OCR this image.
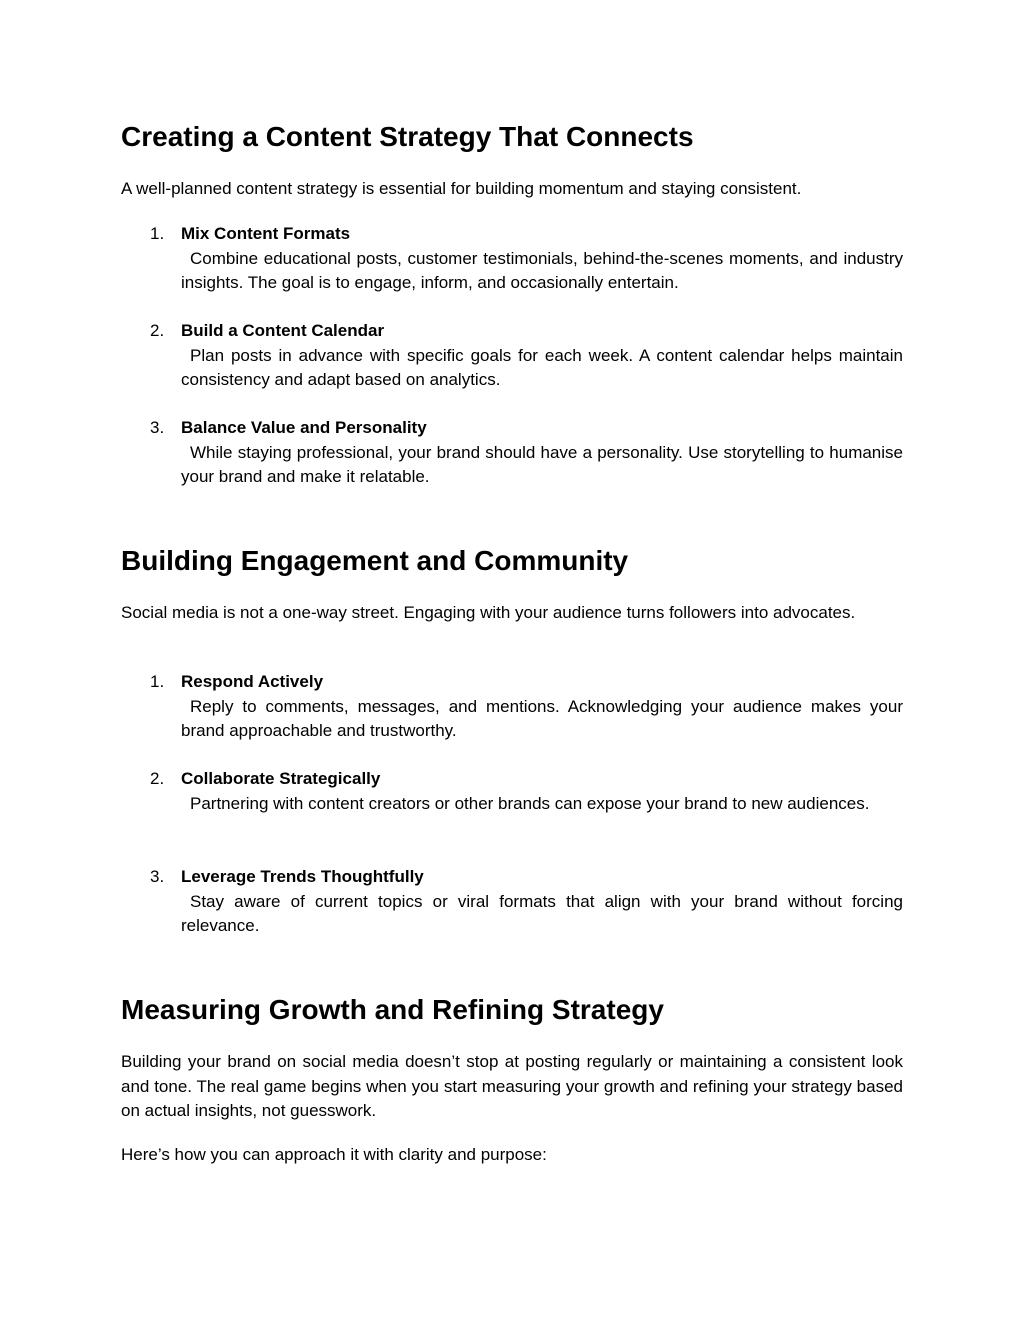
Creating a Content Strategy That Connects

A well-planned content strategy is essential for building momentum and staying consistent.

1. Mix Content Formats
Combine educational posts, customer testimonials, behind-the-scenes moments, and industry insights. The goal is to engage, inform, and occasionally entertain.
2. Build a Content Calendar
Plan posts in advance with specific goals for each week. A content calendar helps maintain consistency and adapt based on analytics.
3. Balance Value and Personality
While staying professional, your brand should have a personality. Use storytelling to humanise your brand and make it relatable.
Building Engagement and Community

Social media is not a one-way street. Engaging with your audience turns followers into advocates.

1. Respond Actively
Reply to comments, messages, and mentions. Acknowledging your audience makes your brand approachable and trustworthy.
2. Collaborate Strategically
Partnering with content creators or other brands can expose your brand to new audiences.
3. Leverage Trends Thoughtfully
Stay aware of current topics or viral formats that align with your brand without forcing relevance.
Measuring Growth and Refining Strategy

Building your brand on social media doesn’t stop at posting regularly or maintaining a consistent look and tone. The real game begins when you start measuring your growth and refining your strategy based on actual insights, not guesswork.

Here’s how you can approach it with clarity and purpose:
